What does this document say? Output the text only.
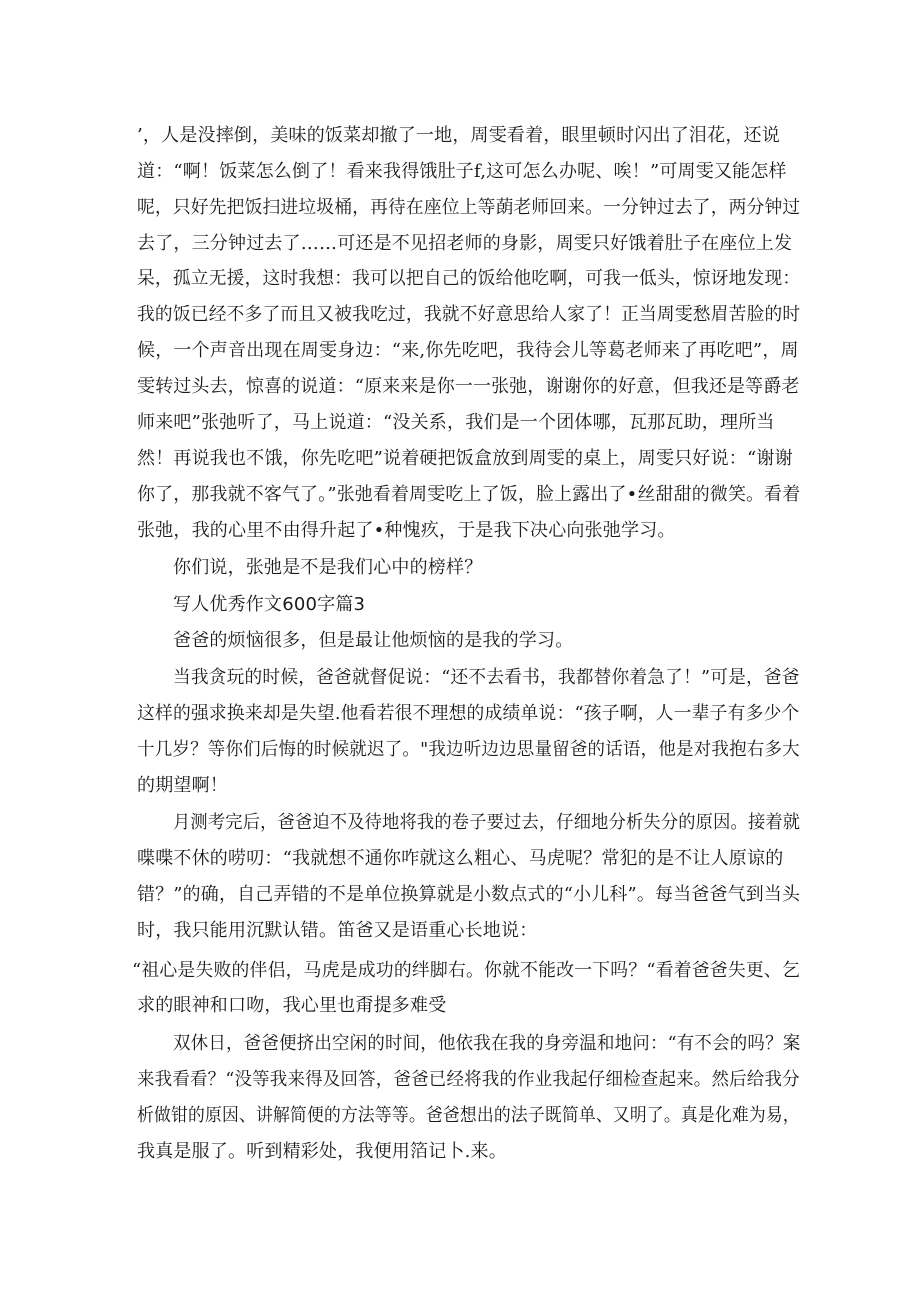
’，人是没摔倒，美味的饭菜却撤了一地，周雯看着，眼里顿时闪出了泪花，还说
道：“啊！饭菜怎么倒了！看来我得饿肚子f,这可怎么办呢、唉！”可周雯又能怎样
呢，只好先把饭扫进垃圾桶，再待在座位上等蓢老师回来。一分钟过去了，两分钟过
去了，三分钟过去了……可还是不见招老师的身影，周雯只好饿着肚子在座位上发
呆，孤立无援，这时我想：我可以把自己的饭给他吃啊，可我一低头，惊讶地发现：
我的饭已经不多了而且又被我吃过，我就不好意思给人家了！正当周雯愁眉苦脸的时
候，一个声音出现在周雯身边：“来,你先吃吧，我待会儿等葛老师来了再吃吧”，周
雯转过头去，惊喜的说道：“原来来是你一一张弛，谢谢你的好意，但我还是等爵老
师来吧”张弛听了，马上说道：“没关系，我们是一个团体哪，瓦那瓦助，理所当
然！再说我也不饿，你先吃吧”说着硬把饭盒放到周雯的桌上，周雯只好说：“谢谢
你了，那我就不客气了。”张弛看着周雯吃上了饭，脸上露出了•丝甜甜的微笑。看着
张弛，我的心里不由得升起了•种愧疚，于是我下决心向张弛学习。
你们说，张弛是不是我们心中的榜样？
写人优秀作文600字篇3
爸爸的烦恼很多，但是最让他烦恼的是我的学习。
当我贪玩的时候，爸爸就督促说：“还不去看书，我都替你着急了！”可是，爸爸
这样的强求换来却是失望.他看若很不理想的成绩单说：“孩子啊，人一辈子有多少个
十几岁？等你们后悔的时候就迟了。"我边听边边思量留爸的话语，他是对我抱右多大
的期望啊！
月测考完后，爸爸迫不及待地将我的卷子要过去，仔细地分析失分的原因。接着就
喋喋不休的唠叨：“我就想不通你咋就这么粗心、马虎呢？常犯的是不让人原谅的
错？”的确，自己弄错的不是单位换算就是小数点式的“小儿科”。每当爸爸气到当头
时，我只能用沉默认错。笛爸又是语重心长地说：
“祖心是失败的伴侣，马虎是成功的绊脚右。你就不能改一下吗？“看着爸爸失更、乞
求的眼神和口吻，我心里也甭提多难受
双休日，爸爸便挤出空闲的时间，他依我在我的身旁温和地问：“有不会的吗？案
来我看看？“没等我来得及回答，爸爸已经将我的作业我起仔细检查起来。然后给我分
析做钳的原因、讲解简便的方法等等。爸爸想出的法子既简单、又明了。真是化难为易，
我真是服了。听到精彩处，我便用箔记卜.来。
